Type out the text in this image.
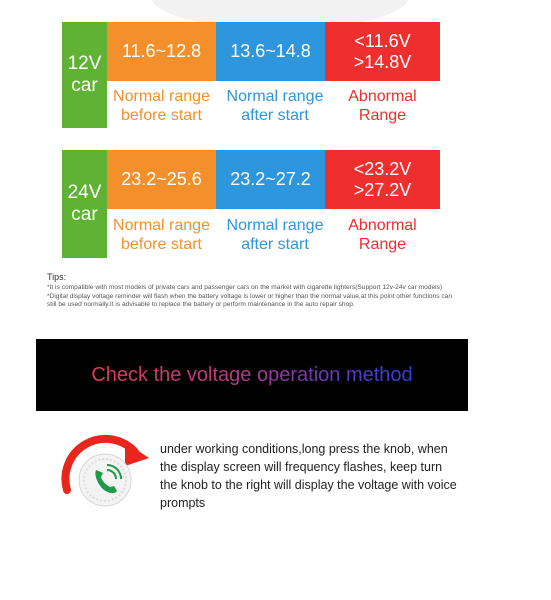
12V
car
11.6~12.8 13.6~14.8
<11.6V
>14.8V
Normal range
before start
Normal range
after start
Abnormal
Range
24V
car
23.2~25.6 23.2~27.2
<23.2V
>27.2V
Normal range
before start
Normal range
after start
Abnormal
Range
Tips:
*It is compatible with most models of private cars and passenger cars on the market with cigarette lighters(Support 12v-24v car models)
*Digital display voltage reminder will flash when the battery voltage is lower or higher than the normal value,at this point other functions can still be used normally.It is advisable to replace the battery or perform maintenance in the auto repair shop.
Check the voltage operation method
under working conditions,long press the knob, when the display screen will frequency flashes, keep turn the knob to the right will display the voltage with voice prompts
